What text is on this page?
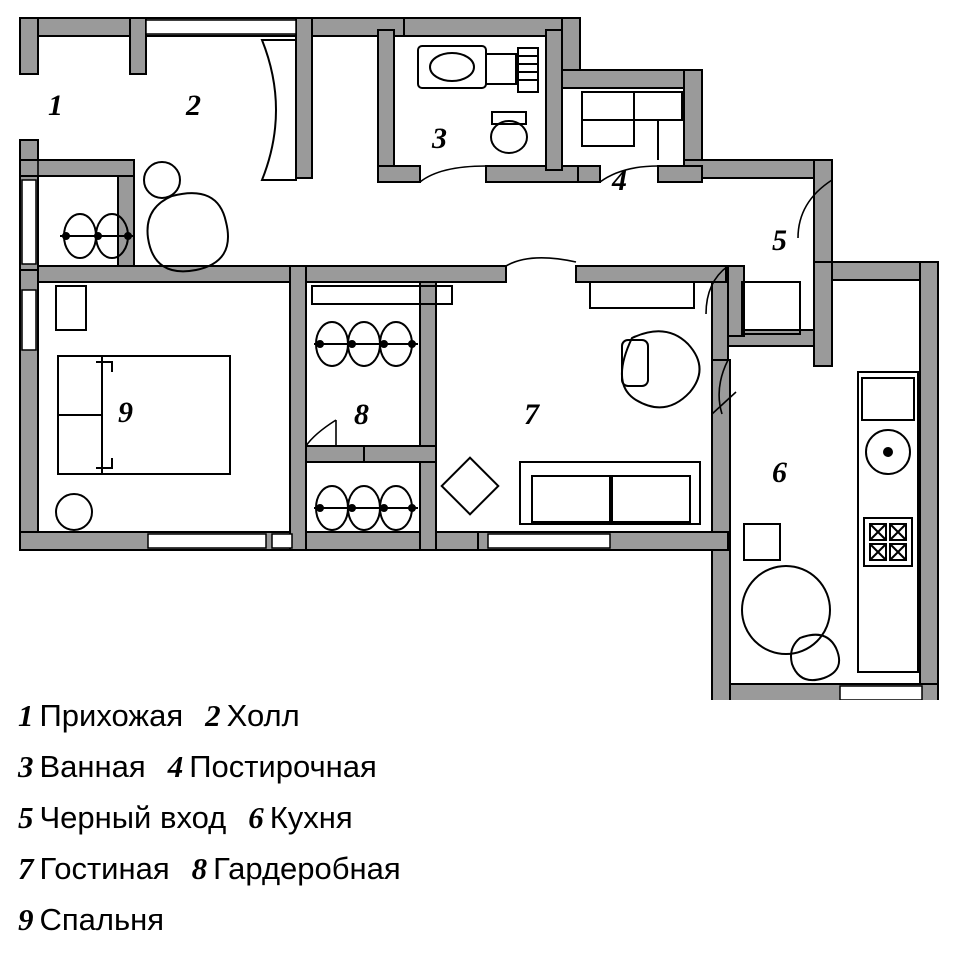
1	2
3
4
5
6
7
8
9
1 Прихожая 2 Холл
3 Ванная 4 Постирочная
5 Черный вход 6 Кухня
7 Гостиная 8 Гардеробная
9 Спальня
